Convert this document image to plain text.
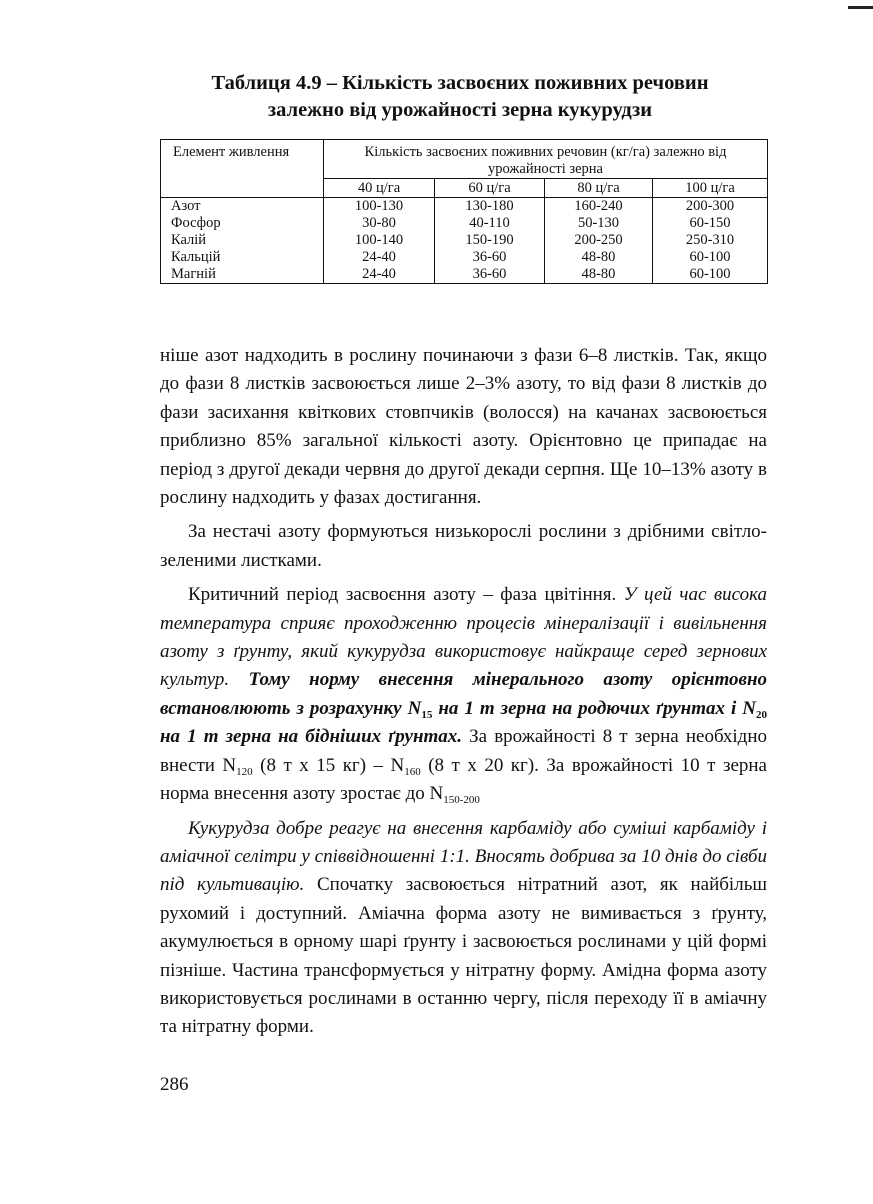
Таблиця 4.9 – Кількість засвоєних поживних речовин
залежно від урожайності зерна кукурудзи
Елемент живлення	Кількість засвоєних поживних речовин (кг/га) залежно від урожайності зерна			
	40 ц/га	60 ц/га	80 ц/га	100 ц/га
Азот	100-130	130-180	160-240	200-300
Фосфор	30-80	40-110	50-130	60-150
Калій	100-140	150-190	200-250	250-310
Кальцій	24-40	36-60	48-80	60-100
Магній	24-40	36-60	48-80	60-100

ніше азот надходить в рослину починаючи з фази 6–8 листків. Так, якщо до фази 8 листків засвоюється лише 2–3% азоту, то від фази 8 листків до фази засихання квіткових стовпчиків (волосся) на качанах засвоюється приблизно 85% загальної кількості азоту. Орієнтовно це припадає на період з другої декади червня до другої декади серпня. Ще 10–13% азоту в рослину надходить у фазах достигання.

За нестачі азоту формуються низькорослі рослини з дрібними світло-зеленими листками.

Критичний період засвоєння азоту – фаза цвітіння. У цей час висока температура сприяє проходженню процесів мінералізації і вивільнення азоту з ґрунту, який кукурудза використовує найкраще серед зернових культур. Тому норму внесення мінерального азоту орієнтовно встановлюють з розрахунку $N_{15}$ на 1 т зерна на родючих ґрунтах і $N_{20}$ на 1 т зерна на бідніших ґрунтах. За врожайності 8 т зерна необхідно внести $N_{120}$ (8 т х 15 $кг) - N_{160}$ (8 т х 20 кг). За врожайності 10 т зерна норма внесення азоту зростає до $N_{150-200}$

Кукурудза добре реагує на внесення карбаміду або суміші карбаміду і аміачної селітри у співвідношенні 1:1. Вносять добрива за 10 днів до сівби під культивацію. Спочатку засвоюється нітратний азот, як найбільш рухомий і доступний. Аміачна форма азоту не вимивається з ґрунту, акумулюється в орному шарі ґрунту і засвоюється рослинами у цій формі пізніше. Частина трансформується у нітратну форму. Амідна форма азоту використовується рослинами в останню чергу, після переходу її в аміачну та нітратну форми.

286
